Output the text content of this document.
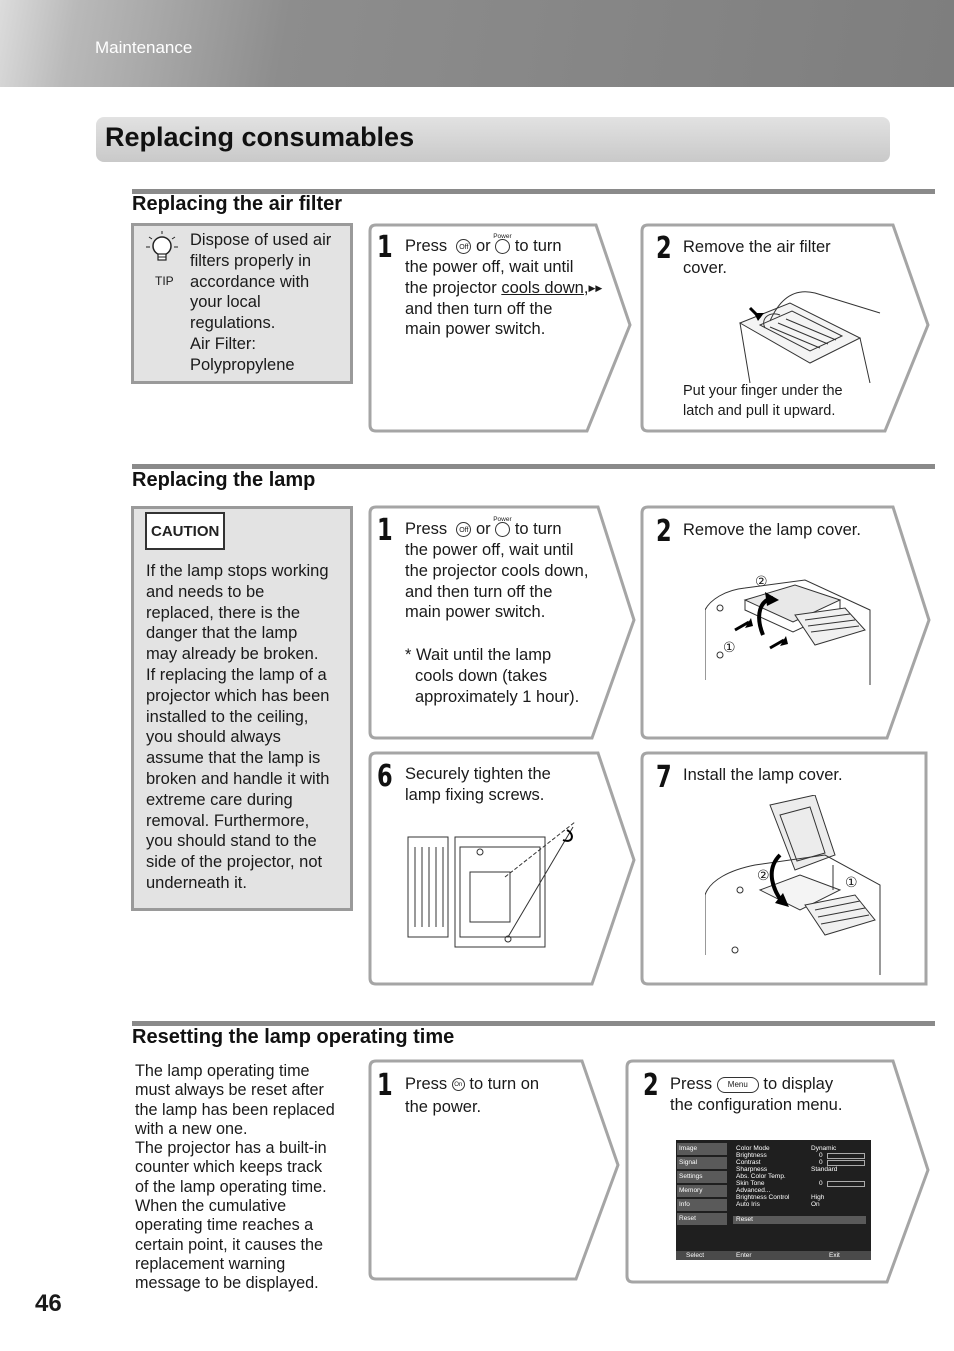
Maintenance
Replacing consumables
Replacing the air filter
TIP
Dispose of used air
filters properly in
accordance with
your local
regulations.
Air Filter:
Polypropylene
1 Press Off or
Power
to turn
the power off, wait until
the projector cools down,▶▶
and then turn off the
main power switch.
2 Remove the air filter
cover.
Put your finger under the
latch and pull it upward.
Replacing the lamp
CAUTION
If the lamp stops working
and needs to be
replaced, there is the
danger that the lamp
may already be broken.
If replacing the lamp of a
projector which has been
installed to the ceiling,
you should always
assume that the lamp is
broken and handle it with
extreme care during
removal. Furthermore,
you should stand to the
side of the projector, not
underneath it.
1 Press Off or
Power
to turn
the power off, wait until
the projector cools down,
and then turn off the
main power switch.
* Wait until the lamp
cools down (takes
approximately 1 hour).
2 Remove the lamp cover.
②
①
6 Securely tighten the
lamp fixing screws.	7 Install the lamp cover.
②	①
Resetting the lamp operating time
The lamp operating time
must always be reset after
the lamp has been replaced
with a new one.
The projector has a built-in
counter which keeps track
of the lamp operating time.
When the cumulative
operating time reaches a
certain point, it causes the
replacement warning
message to be displayed.
1 Press On to turn on
the power.
2 Press Menu to display
the configuration menu.
Image
Signal
Settings
Memory
Info
Reset
Color Mode
Brightness
Contrast
Sharpness
Abs. Color Temp.
Skin Tone
Advanced...
Brightness Control
Auto Iris
Dynamic
0
0
Standard
0
High
On
Reset
Select	Enter	Exit
46
